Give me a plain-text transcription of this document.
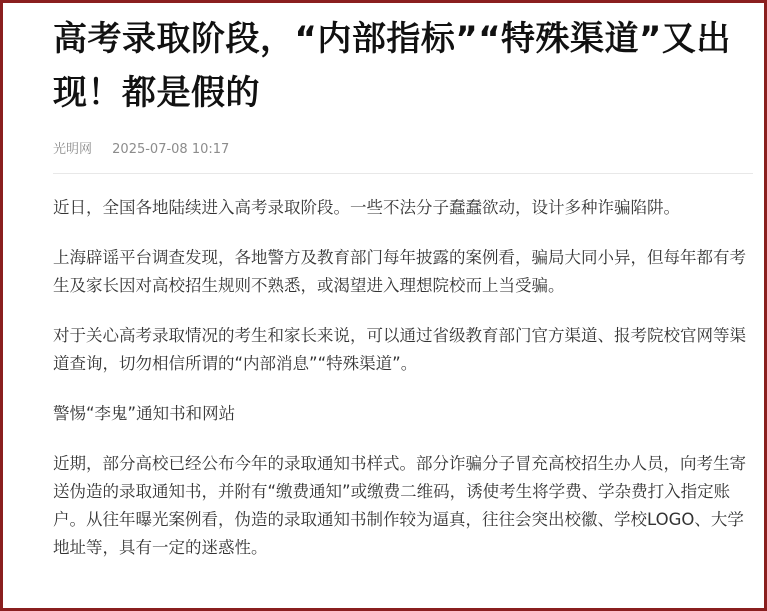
高考录取阶段，“内部指标”“特殊渠道”又出现！都是假的
光明网 2025-07-08 10:17

近日，全国各地陆续进入高考录取阶段。一些不法分子蠢蠢欲动，设计多种诈骗陷阱。

上海辟谣平台调查发现，各地警方及教育部门每年披露的案例看，骗局大同小异，但每年都有考生及家长因对高校招生规则不熟悉，或渴望进入理想院校而上当受骗。

对于关心高考录取情况的考生和家长来说，可以通过省级教育部门官方渠道、报考院校官网等渠道查询，切勿相信所谓的“内部消息”“特殊渠道”。

警惕“李鬼”通知书和网站

近期，部分高校已经公布今年的录取通知书样式。部分诈骗分子冒充高校招生办人员，向考生寄送伪造的录取通知书，并附有“缴费通知”或缴费二维码，诱使考生将学费、学杂费打入指定账户。从往年曝光案例看，伪造的录取通知书制作较为逼真，往往会突出校徽、学校LOGO、大学地址等，具有一定的迷惑性。
